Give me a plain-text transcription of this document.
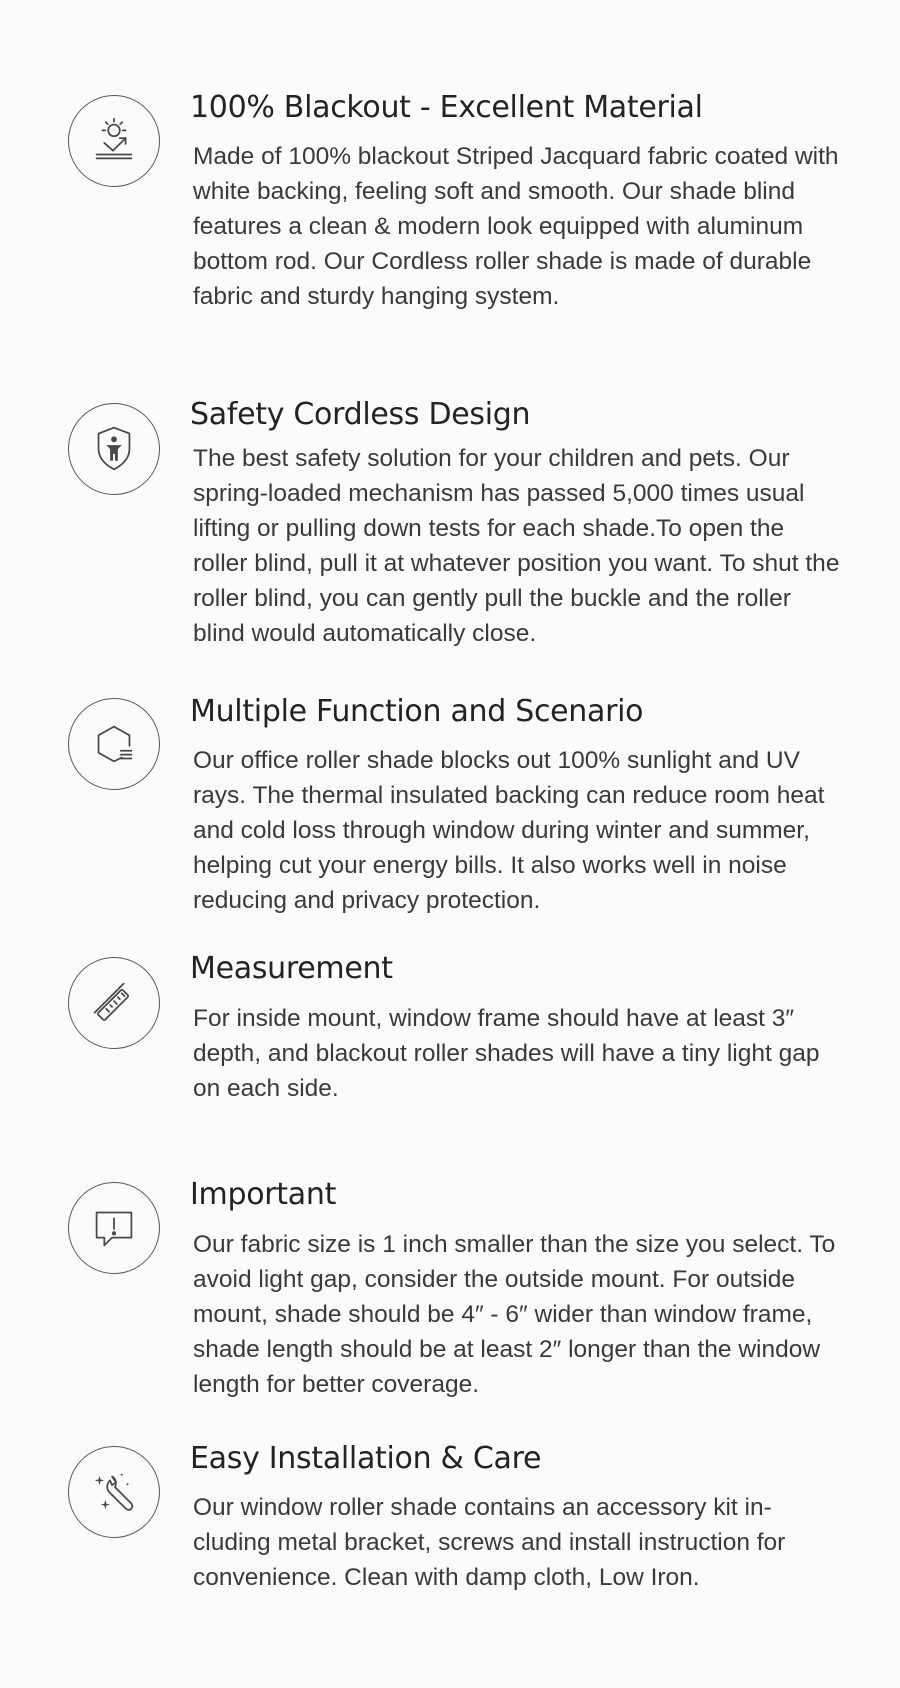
100% Blackout - Excellent Material

Made of 100% blackout Striped Jacquard fabric coated with white backing, feeling soft and smooth. Our shade blind features a clean & modern look equipped with aluminum bottom rod. Our Cordless roller shade is made of durable fabric and sturdy hanging system.

Safety Cordless Design

The best safety solution for your children and pets. Our spring-loaded mechanism has passed 5,000 times usual lifting or pulling down tests for each shade.To open the roller blind, pull it at whatever position you want. To shut the roller blind, you can gently pull the buckle and the roller blind would automatically close.

Multiple Function and Scenario

Our office roller shade blocks out 100% sunlight and UV rays. The thermal insulated backing can reduce room heat and cold loss through window during winter and summer, helping cut your energy bills. It also works well in noise reducing and privacy protection.

Measurement

For inside mount, window frame should have at least 3″ depth, and blackout roller shades will have a tiny light gap on each side.

Important

Our fabric size is 1 inch smaller than the size you select. To avoid light gap, consider the outside mount. For outside mount, shade should be 4″ - 6″ wider than window frame, shade length should be at least 2″ longer than the window length for better coverage.

Easy Installation & Care

Our window roller shade contains an accessory kit in-cluding metal bracket, screws and install instruction for convenience. Clean with damp cloth, Low Iron.
